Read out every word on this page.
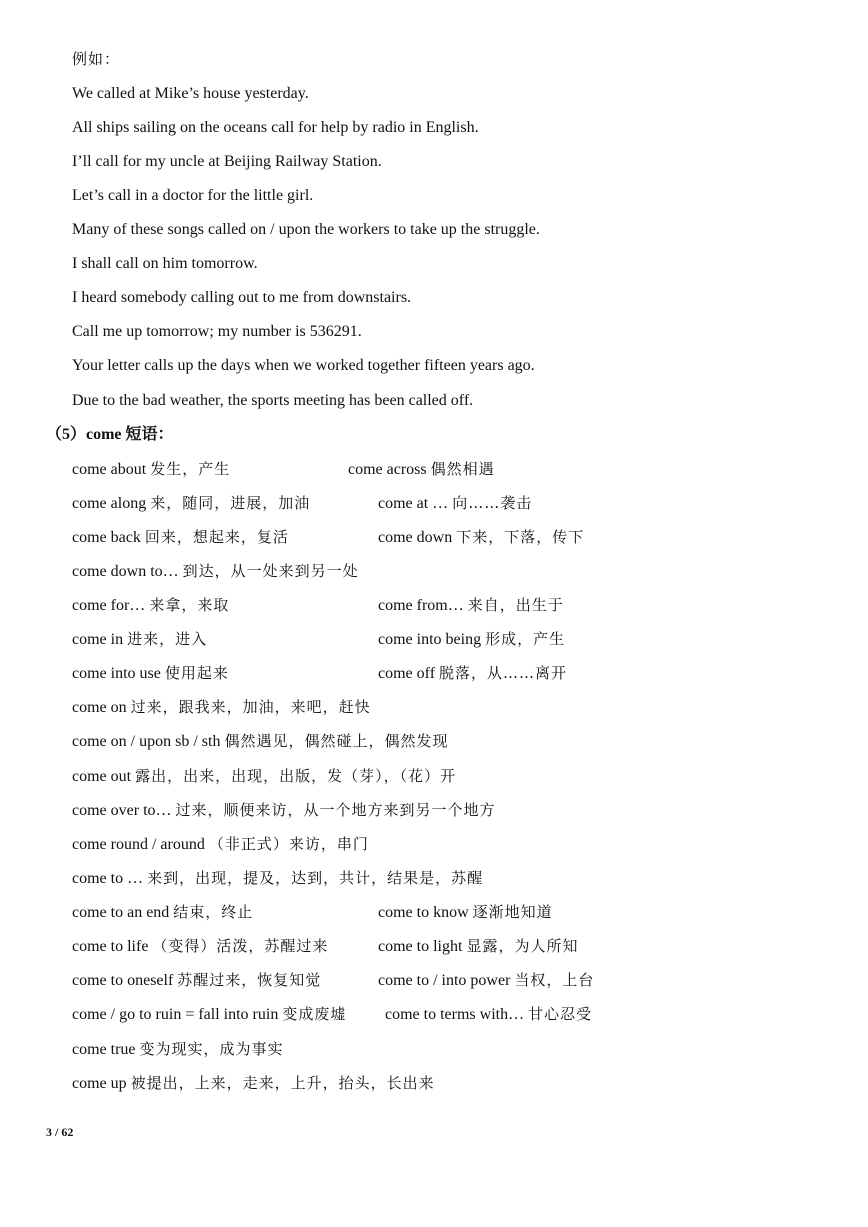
例如：
We called at Mike’s house yesterday.
All ships sailing on the oceans call for help by radio in English.
I’ll call for my uncle at Beijing Railway Station.
Let’s call in a doctor for the little girl.
Many of these songs called on / upon the workers to take up the struggle.
I shall call on him tomorrow.
I heard somebody calling out to me from downstairs.
Call me up tomorrow; my number is 536291.
Your letter calls up the days when we worked together fifteen years ago.
Due to the bad weather, the sports meeting has been called off.
（5）come 短语：
come about 发生，产生	come across 偶然相遇
come along 来，随同，进展，加油	come at … 向……袭击
come back 回来，想起来，复活	come down 下来，下落，传下
come down to… 到达，从一处来到另一处
come for… 来拿，来取	come from… 来自，出生于
come in 进来，进入	come into being 形成，产生
come into use 使用起来	come off 脱落，从……离开
come on 过来，跟我来，加油，来吧，赶快
come on / upon sb / sth 偶然遇见，偶然碰上，偶然发现
come out 露出，出来，出现，出版，发（芽），（花）开
come over to… 过来，顺便来访，从一个地方来到另一个地方
come round / around （非正式）来访，串门
come to … 来到，出现，提及，达到，共计，结果是，苏醒
come to an end 结束，终止	come to know 逐渐地知道
come to life （变得）活泼，苏醒过来	come to light 显露，为人所知
come to oneself 苏醒过来，恢复知觉	come to / into power 当权，上台
come / go to ruin = fall into ruin 变成废墟 come to terms with… 甘心忍受
come true 变为现实，成为事实
come up 被提出，上来，走来，上升，抬头，长出来
3 / 62
